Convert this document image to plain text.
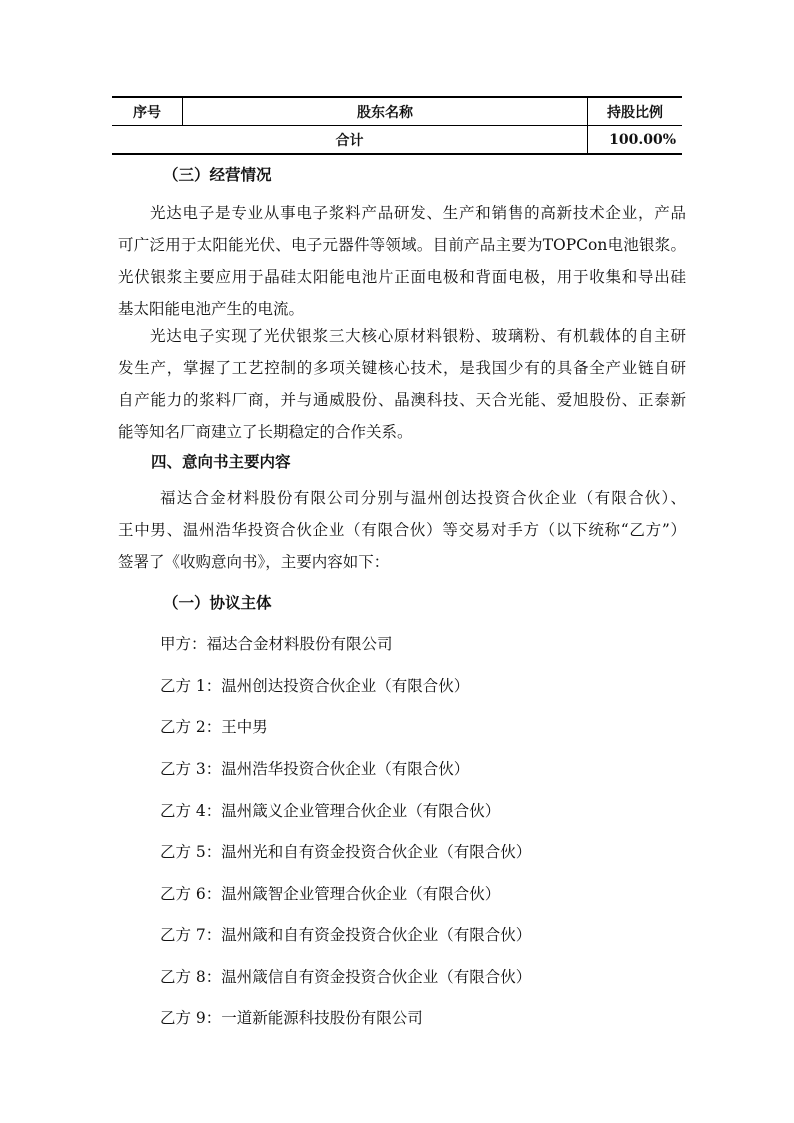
序号	股东名称	持股比例
合计		100.00%
（三）经营情况
光达电子是专业从事电子浆料产品研发、生产和销售的高新技术企业，产品
可广泛用于太阳能光伏、电子元器件等领域。目前产品主要为TOPCon电池银浆。
光伏银浆主要应用于晶硅太阳能电池片正面电极和背面电极，用于收集和导出硅
基太阳能电池产生的电流。
光达电子实现了光伏银浆三大核心原材料银粉、玻璃粉、有机载体的自主研
发生产，掌握了工艺控制的多项关键核心技术，是我国少有的具备全产业链自研
自产能力的浆料厂商，并与通威股份、晶澳科技、天合光能、爱旭股份、正泰新
能等知名厂商建立了长期稳定的合作关系。
四、意向书主要内容
福达合金材料股份有限公司分别与温州创达投资合伙企业（有限合伙）、
王中男、温州浩华投资合伙企业（有限合伙）等交易对手方（以下统称“乙方”）
签署了《收购意向书》，主要内容如下：
（一）协议主体
甲方：福达合金材料股份有限公司
乙方 1：温州创达投资合伙企业（有限合伙）
乙方 2：王中男
乙方 3：温州浩华投资合伙企业（有限合伙）
乙方 4：温州箴义企业管理合伙企业（有限合伙）
乙方 5：温州光和自有资金投资合伙企业（有限合伙）
乙方 6：温州箴智企业管理合伙企业（有限合伙）
乙方 7：温州箴和自有资金投资合伙企业（有限合伙）
乙方 8：温州箴信自有资金投资合伙企业（有限合伙）
乙方 9：一道新能源科技股份有限公司
